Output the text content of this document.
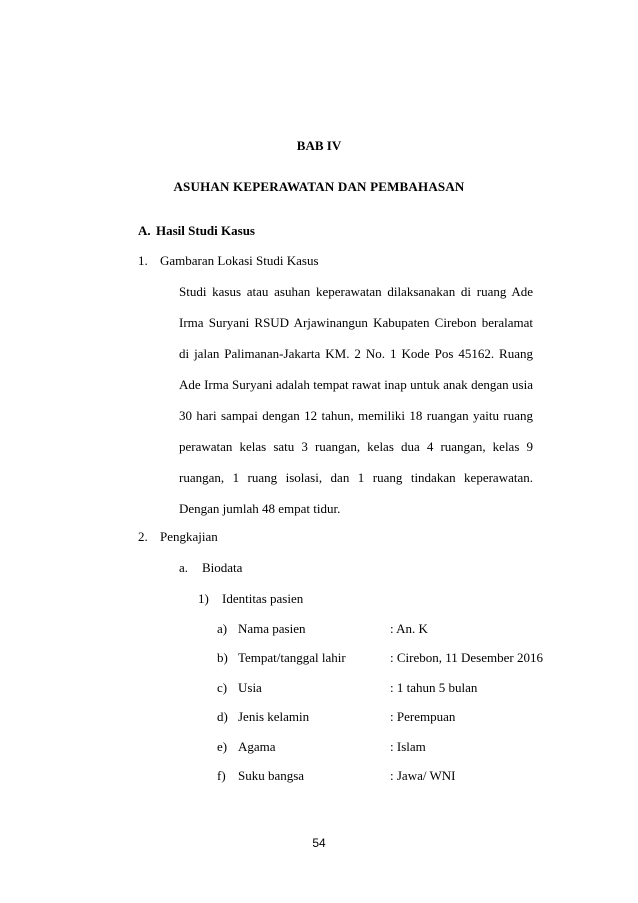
BAB IV
ASUHAN KEPERAWATAN DAN PEMBAHASAN
A. Hasil Studi Kasus
1. Gambaran Lokasi Studi Kasus

Studi kasus atau asuhan keperawatan dilaksanakan di ruang Ade Irma Suryani RSUD Arjawinangun Kabupaten Cirebon beralamat di jalan Palimanan-Jakarta KM. 2 No. 1 Kode Pos 45162. Ruang Ade Irma Suryani adalah tempat rawat inap untuk anak dengan usia 30 hari sampai dengan 12 tahun, memiliki 18 ruangan yaitu ruang perawatan kelas satu 3 ruangan, kelas dua 4 ruangan, kelas 9 ruangan, 1 ruang isolasi, dan 1 ruang tindakan keperawatan. Dengan jumlah 48 empat tidur.

2. Pengkajian
a. Biodata
1) Identitas pasien
a) Nama pasien	: An. K
b) Tempat/tanggal lahir	: Cirebon, 11 Desember 2016
c) Usia	: 1 tahun 5 bulan
d) Jenis kelamin	: Perempuan
e) Agama	: Islam
f) Suku bangsa	: Jawa/ WNI
54
